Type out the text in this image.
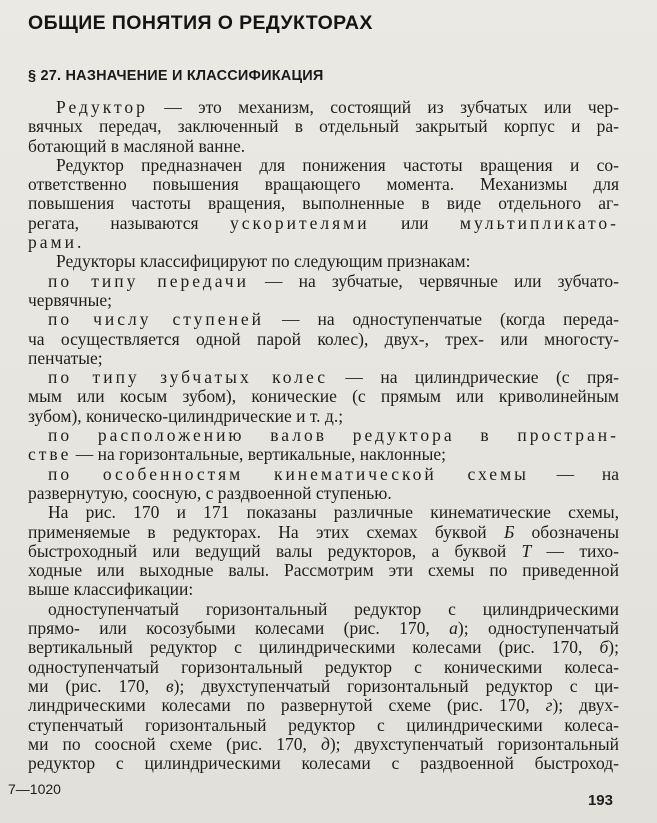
ОБЩИЕ ПОНЯТИЯ О РЕДУКТОРАХ
§ 27. НАЗНАЧЕНИЕ И КЛАССИФИКАЦИЯ
Редуктор — это механизм, состоящий из зубчатых или чер-
вячных передач, заключенный в отдельный закрытый корпус и ра-
ботающий в масляной ванне.
Редуктор предназначен для понижения частоты вращения и со-
ответственно повышения вращающего момента. Механизмы для
повышения частоты вращения, выполненные в виде отдельного аг-
регата, называются ускорителями или мультипликато-
рами.
Редукторы классифицируют по следующим признакам:
по типу передачи — на зубчатые, червячные или зубчато-
червячные;
по числу ступеней — на одноступенчатые (когда переда-
ча осуществляется одной парой колес), двух-, трех- или многосту-
пенчатые;
по типу зубчатых колес — на цилиндрические (с пря-
мым или косым зубом), конические (с прямым или криволинейным
зубом), коническо-цилиндрические и т. д.;
по расположению валов редуктора в простран-
стве — на горизонтальные, вертикальные, наклонные;
по особенностям кинематической схемы — на
развернутую, соосную, с раздвоенной ступенью.
На рис. 170 и 171 показаны различные кинематические схемы,
применяемые в редукторах. На этих схемах буквой Б обозначены
быстроходный или ведущий валы редукторов, а буквой Т — тихо-
ходные или выходные валы. Рассмотрим эти схемы по приведенной
выше классификации:
одноступенчатый горизонтальный редуктор с цилиндрическими
прямо- или косозубыми колесами (рис. 170, а); одноступенчатый
вертикальный редуктор с цилиндрическими колесами (рис. 170, б);
одноступенчатый горизонтальный редуктор с коническими колеса-
ми (рис. 170, в); двухступенчатый горизонтальный редуктор с ци-
линдрическими колесами по развернутой схеме (рис. 170, г); двух-
ступенчатый горизонтальный редуктор с цилиндрическими колеса-
ми по соосной схеме (рис. 170, д); двухступенчатый горизонтальный
редуктор с цилиндрическими колесами с раздвоенной быстроход-
7—1020
193
